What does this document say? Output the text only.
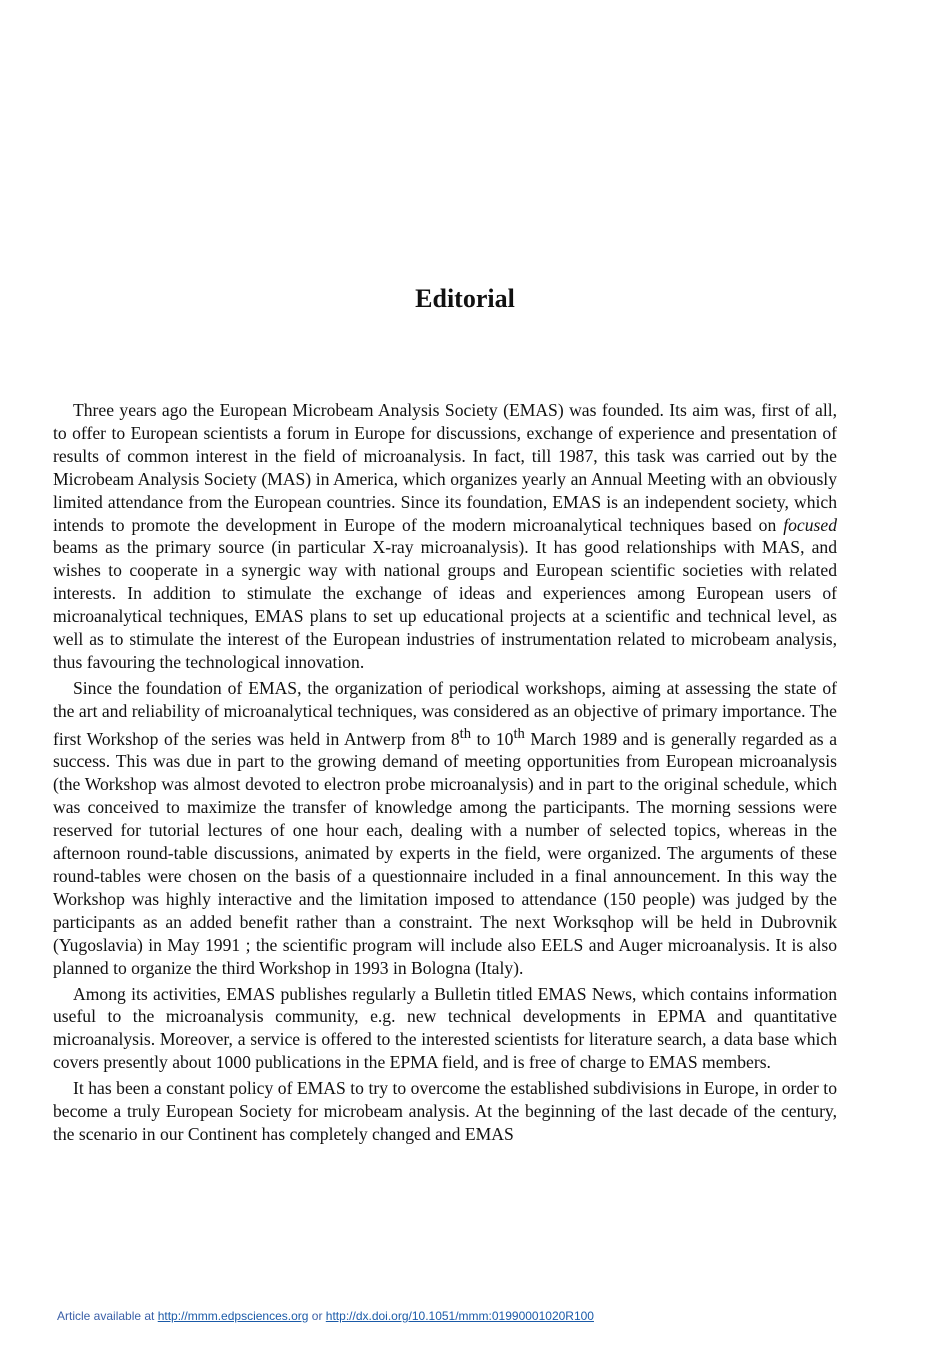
Editorial

Three years ago the European Microbeam Analysis Society (EMAS) was founded. Its aim was, first of all, to offer to European scientists a forum in Europe for discussions, exchange of experience and presentation of results of common interest in the field of microanalysis. In fact, till 1987, this task was carried out by the Microbeam Analysis Society (MAS) in America, which organizes yearly an Annual Meeting with an obviously limited attendance from the European countries. Since its foundation, EMAS is an independent society, which intends to promote the development in Europe of the modern microanalytical techniques based on focused beams as the primary source (in particular X-ray microanalysis). It has good relationships with MAS, and wishes to cooperate in a synergic way with national groups and European scientific societies with related interests. In addition to stimulate the exchange of ideas and experiences among European users of microanalytical techniques, EMAS plans to set up educational projects at a scientific and technical level, as well as to stimulate the interest of the European industries of instrumentation related to microbeam analysis, thus favouring the technological innovation.

Since the foundation of EMAS, the organization of periodical workshops, aiming at assessing the state of the art and reliability of microanalytical techniques, was considered as an objective of primary importance. The first Workshop of the series was held in Antwerp from 8th to 10th March 1989 and is generally regarded as a success. This was due in part to the growing demand of meeting opportunities from European microanalysis (the Workshop was almost devoted to electron probe microanalysis) and in part to the original schedule, which was conceived to maximize the transfer of knowledge among the participants. The morning sessions were reserved for tutorial lectures of one hour each, dealing with a number of selected topics, whereas in the afternoon round-table discussions, animated by experts in the field, were organized. The arguments of these round-tables were chosen on the basis of a questionnaire included in a final announcement. In this way the Workshop was highly interactive and the limitation imposed to attendance (150 people) was judged by the participants as an added benefit rather than a constraint. The next Worksqhop will be held in Dubrovnik (Yugoslavia) in May 1991 ; the scientific program will include also EELS and Auger microanalysis. It is also planned to organize the third Workshop in 1993 in Bologna (Italy).

Among its activities, EMAS publishes regularly a Bulletin titled EMAS News, which contains information useful to the microanalysis community, e.g. new technical developments in EPMA and quantitative microanalysis. Moreover, a service is offered to the interested scientists for literature search, a data base which covers presently about 1000 publications in the EPMA field, and is free of charge to EMAS members.

It has been a constant policy of EMAS to try to overcome the established subdivisions in Europe, in order to become a truly European Society for microbeam analysis. At the beginning of the last decade of the century, the scenario in our Continent has completely changed and EMAS

Article available at http://mmm.edpsciences.org or http://dx.doi.org/10.1051/mmm:01990001020R100
